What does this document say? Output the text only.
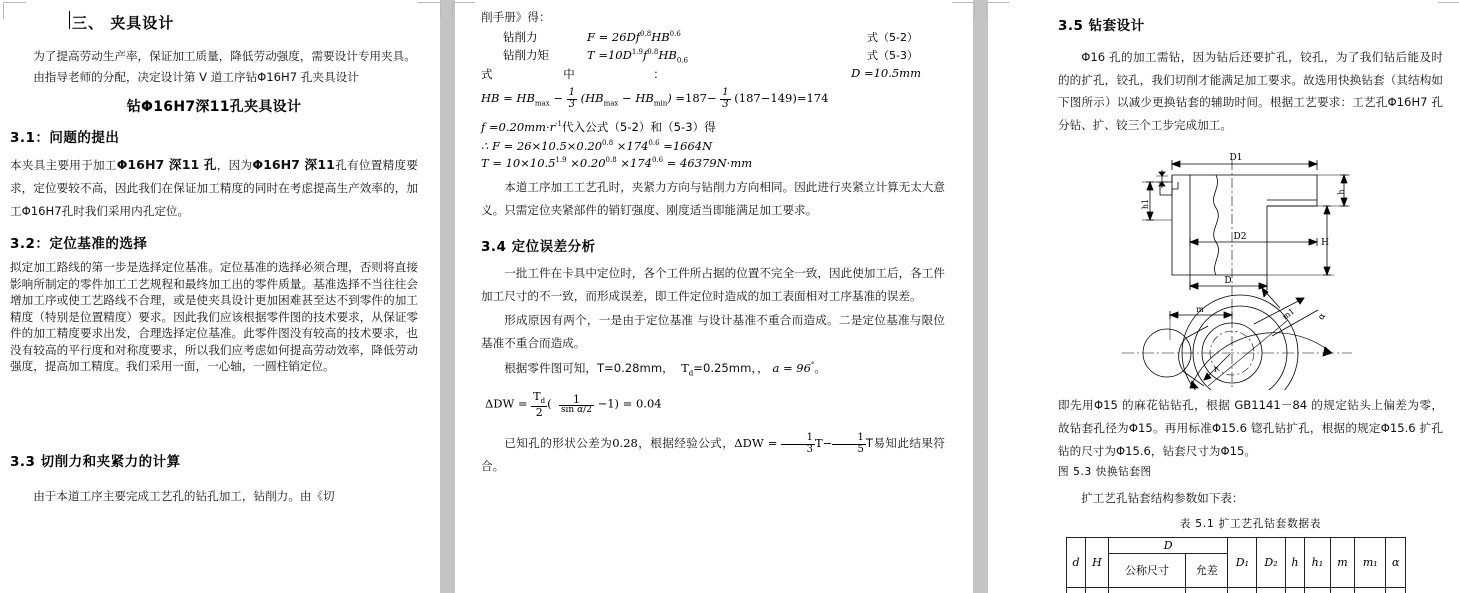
三、 夹具设计

为了提高劳动生产率，保证加工质量，降低劳动强度，需要设计专用夹具。

由指导老师的分配，决定设计第 V 道工序钻Φ16H7 孔夹具设计

钻Φ16H7深11孔夹具设计
3.1：问题的提出

本夹具主要用于加工Φ16H7 深11 孔，因为Φ16H7 深11孔有位置精度要求，定位要较不高，因此我们在保证加工精度的同时在考虑提高生产效率的，加工Φ16H7孔时我们采用内孔定位。

3.2：定位基准的选择

拟定加工路线的第一步是选择定位基准。定位基准的选择必须合理，否则将直接影响所制定的零件加工工艺规程和最终加工出的零件质量。基准选择不当往往会增加工序或使工艺路线不合理，或是使夹具设计更加困难甚至达不到零件的加工精度（特别是位置精度）要求。因此我们应该根据零件图的技术要求，从保证零件的加工精度要求出发，合理选择定位基准。此零件图没有较高的技术要求，也没有较高的平行度和对称度要求，所以我们应考虑如何提高劳动效率，降低劳动强度，提高加工精度。我们采用一面，一心轴，一圆柱销定位。

3.3 切削力和夹紧力的计算

由于本道工序主要完成工艺孔的钻孔加工，钻削力。由《切

削手册》得：

钻削力	$F = 26Df^{0.8}HB^{0.6}$	式（5-2）
钻削力矩	$T =10D^{1.9}f^{0.8}HB_{0.6}$	式（5-3）
式	中	：	D =10.5mm
HB = $HB_{max} - \frac{1}{3} (HB_{max} - HB_{min}) =187- \frac{1}{3} (187-149)=174$
$f =0.20mm\cdot r^{-1}$代入公式（5-2）和（5-3）得
∴ $F = 26\times 10.5\times 0.20^{0.8} \times 174^{0.6} =1664N$
$T = 10\times 10.5^{1.9} \times 0.20^{0.8} \times 174^{0.6} = 46379N\cdot mm$

本道工序加工工艺孔时，夹紧力方向与钻削力方向相同。因此进行夹紧立计算无太大意义。只需定位夹紧部件的销钉强度、刚度适当即能满足加工要求。

3.4 定位误差分析

一批工件在卡具中定位时，各个工件所占据的位置不完全一致，因此使加工后，各工件加工尺寸的不一致，而形成误差，即工件定位时造成的加工表面相对工序基准的误差。

形成原因有两个，一是由于定位基准 与设计基准不重合而造成。二是定位基准与限位基准不重合而造成。

根据零件图可知，T=0.28mm， $T_d=0.25mm$，， a = 96°。

$\Delta DW = \frac{T_d}{2}$ ( $\frac{1}{\text{sin α/2}} -1) = 0.04$

已知孔的形状公差为0.28，根据经验公式，$\Delta DW = \frac{1}{3} T- \frac{1}{5}$ T易知此结果符合。

3.5 钻套设计

Φ16 孔的加工需钻，因为钻后还要扩孔，铰孔，为了我们钻后能及时的的扩孔，铰孔，我们切削才能满足加工要求。故选用快换钻套（其结构如下图所示）以减少更换钻套的辅助时间。根据工艺要求：工艺孔Φ16H7 孔分钻、扩、铰三个工步完成加工。

D1
D2
D
H
h
h1
m	m1 α
r

即先用Φ15 的麻花钻钻孔，根据 GB1141－84 的规定钻头上偏差为零，故钻套孔径为Φ15。再用标准Φ15.6 锪孔钻扩孔，根据的规定Φ15.6 扩孔钻的尺寸为Φ15.6，钻套尺寸为Φ15。

图 5.3 快换钻套图

扩工艺孔钻套结构参数如下表：

表 5.1 扩工艺孔钻套数据表
d	H	D		D₁	D₂	h	h₁	m	m₁	α
		公称尺寸	允差							
